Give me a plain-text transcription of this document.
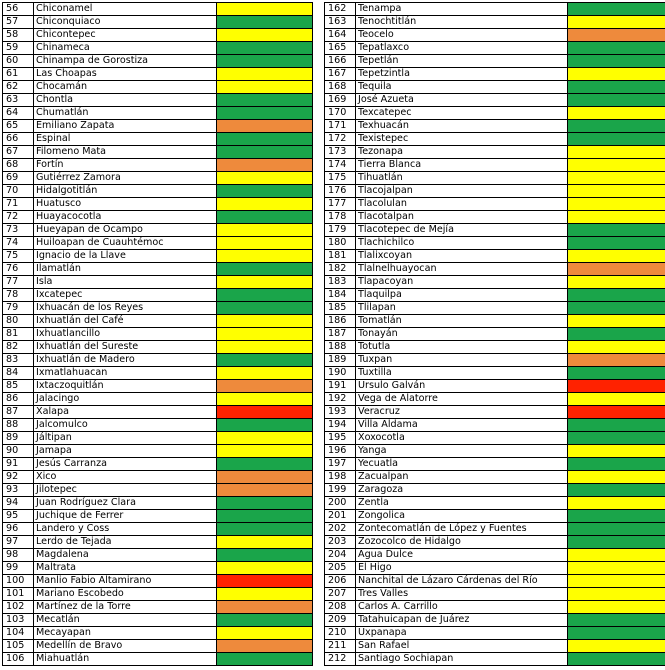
56	Chiconamel	
57	Chiconquiaco	
58	Chicontepec	
59	Chinameca	
60	Chinampa de Gorostiza	
61	Las Choapas	
62	Chocamán	
63	Chontla	
64	Chumatlán	
65	Emiliano Zapata	
66	Espinal	
67	Filomeno Mata	
68	Fortín	
69	Gutiérrez Zamora	
70	Hidalgotitlán	
71	Huatusco	
72	Huayacocotla	
73	Hueyapan de Ocampo	
74	Huiloapan de Cuauhtémoc	
75	Ignacio de la Llave	
76	Ilamatlán	
77	Isla	
78	Ixcatepec	
79	Ixhuacán de los Reyes	
80	Ixhuatlán del Café	
81	Ixhuatlancillo	
82	Ixhuatlán del Sureste	
83	Ixhuatlán de Madero	
84	Ixmatlahuacan	
85	Ixtaczoquitlán	
86	Jalacingo	
87	Xalapa	
88	Jalcomulco	
89	Jáltipan	
90	Jamapa	
91	Jesús Carranza	
92	Xico	
93	Jilotepec	
94	Juan Rodríguez Clara	
95	Juchique de Ferrer	
96	Landero y Coss	
97	Lerdo de Tejada	
98	Magdalena	
99	Maltrata	
100	Manlio Fabio Altamirano	
101	Mariano Escobedo	
102	Martínez de la Torre	
103	Mecatlán	
104	Mecayapan	
105	Medellín de Bravo	
106	Miahuatlán	
162	Tenampa	
163	Tenochtitlán	
164	Teocelo	
165	Tepatlaxco	
166	Tepetlán	
167	Tepetzintla	
168	Tequila	
169	José Azueta	
170	Texcatepec	
171	Texhuacán	
172	Texistepec	
173	Tezonapa	
174	Tierra Blanca	
175	Tihuatlán	
176	Tlacojalpan	
177	Tlacolulan	
178	Tlacotalpan	
179	Tlacotepec de Mejía	
180	Tlachichilco	
181	Tlalixcoyan	
182	Tlalnelhuayocan	
183	Tlapacoyan	
184	Tlaquilpa	
185	Tlilapan	
186	Tomatlán	
187	Tonayán	
188	Totutla	
189	Tuxpan	
190	Tuxtilla	
191	Ursulo Galván	
192	Vega de Alatorre	
193	Veracruz	
194	Villa Aldama	
195	Xoxocotla	
196	Yanga	
197	Yecuatla	
198	Zacualpan	
199	Zaragoza	
200	Zentla	
201	Zongolica	
202	Zontecomatlán de López y Fuentes	
203	Zozocolco de Hidalgo	
204	Agua Dulce	
205	El Higo	
206	Nanchital de Lázaro Cárdenas del Río	
207	Tres Valles	
208	Carlos A. Carrillo	
209	Tatahuicapan de Juárez	
210	Uxpanapa	
211	San Rafael	
212	Santiago Sochiapan	
